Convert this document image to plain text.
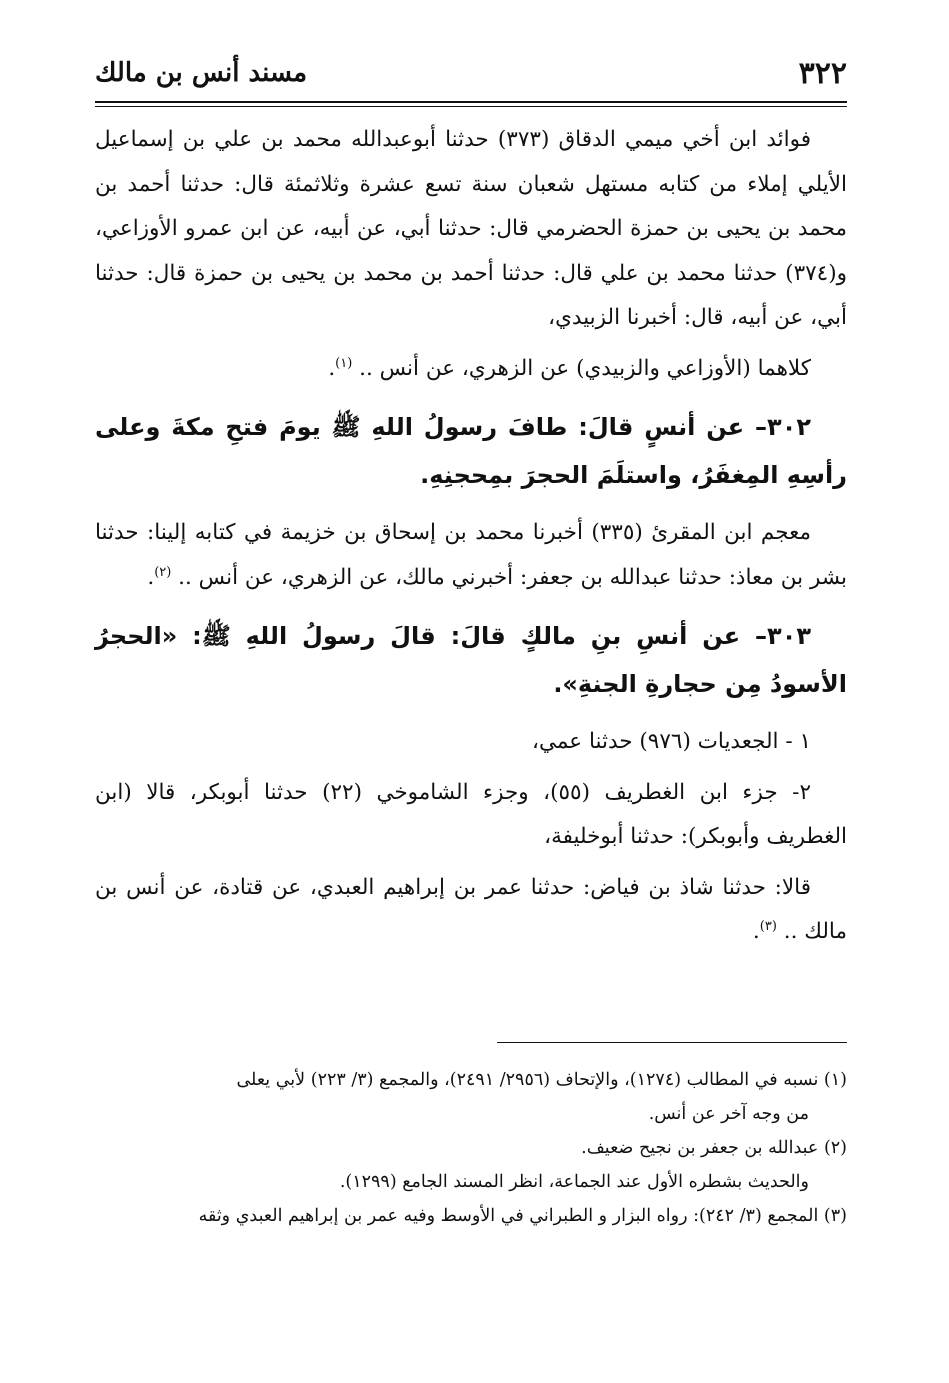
٣٢٢
مسند أنس بن مالك

فوائد ابن أخي ميمي الدقاق (٣٧٣) حدثنا أبوعبدالله محمد بن علي بن إسماعيل الأيلي إملاء من كتابه مستهل شعبان سنة تسع عشرة وثلاثمئة قال: حدثنا أحمد بن محمد بن يحيى بن حمزة الحضرمي قال: حدثنا أبي، عن أبيه، عن ابن عمرو الأوزاعي، و(٣٧٤) حدثنا محمد بن علي قال: حدثنا أحمد بن محمد بن يحيى بن حمزة قال: حدثنا أبي، عن أبيه، قال: أخبرنا الزبيدي،

كلاهما (الأوزاعي والزبيدي) عن الزهري، عن أنس .. $^{(١)}$.

٣٠٢– عن أنسٍ قالَ: طافَ رسولُ اللهِ ﷺ يومَ فتحِ مكةَ وعلى رأسِهِ المِغفَرُ، واستلَمَ الحجرَ بمِحجنِهِ.

معجم ابن المقرئ (٣٣٥) أخبرنا محمد بن إسحاق بن خزيمة في كتابه إلينا: حدثنا بشر بن معاذ: حدثنا عبدالله بن جعفر: أخبرني مالك، عن الزهري، عن أنس .. $^{(٢)}$.

٣٠٣– عن أنسِ بنِ مالكٍ قالَ: قالَ رسولُ اللهِ ﷺ: «الحجرُ الأسودُ مِن حجارةِ الجنةِ».

١ - الجعديات (٩٧٦) حدثنا عمي،

٢- جزء ابن الغطريف (٥٥)، وجزء الشاموخي (٢٢) حدثنا أبوبكر، قالا (ابن الغطريف وأبوبكر): حدثنا أبوخليفة،

قالا: حدثنا شاذ بن فياض: حدثنا عمر بن إبراهيم العبدي، عن قتادة، عن أنس بن مالك .. $^{(٣)}$.

(١) نسبه في المطالب (١٢٧٤)، والإتحاف (٢٩٥٦/ ٢٤٩١)، والمجمع (٣/ ٢٢٣) لأبي يعلى

من وجه آخر عن أنس.

(٢) عبدالله بن جعفر بن نجيح ضعيف.

والحديث بشطره الأول عند الجماعة، انظر المسند الجامع (١٢٩٩).

(٣) المجمع (٣/ ٢٤٢): رواه البزار و الطبراني في الأوسط وفيه عمر بن إبراهيم العبدي وثقه
